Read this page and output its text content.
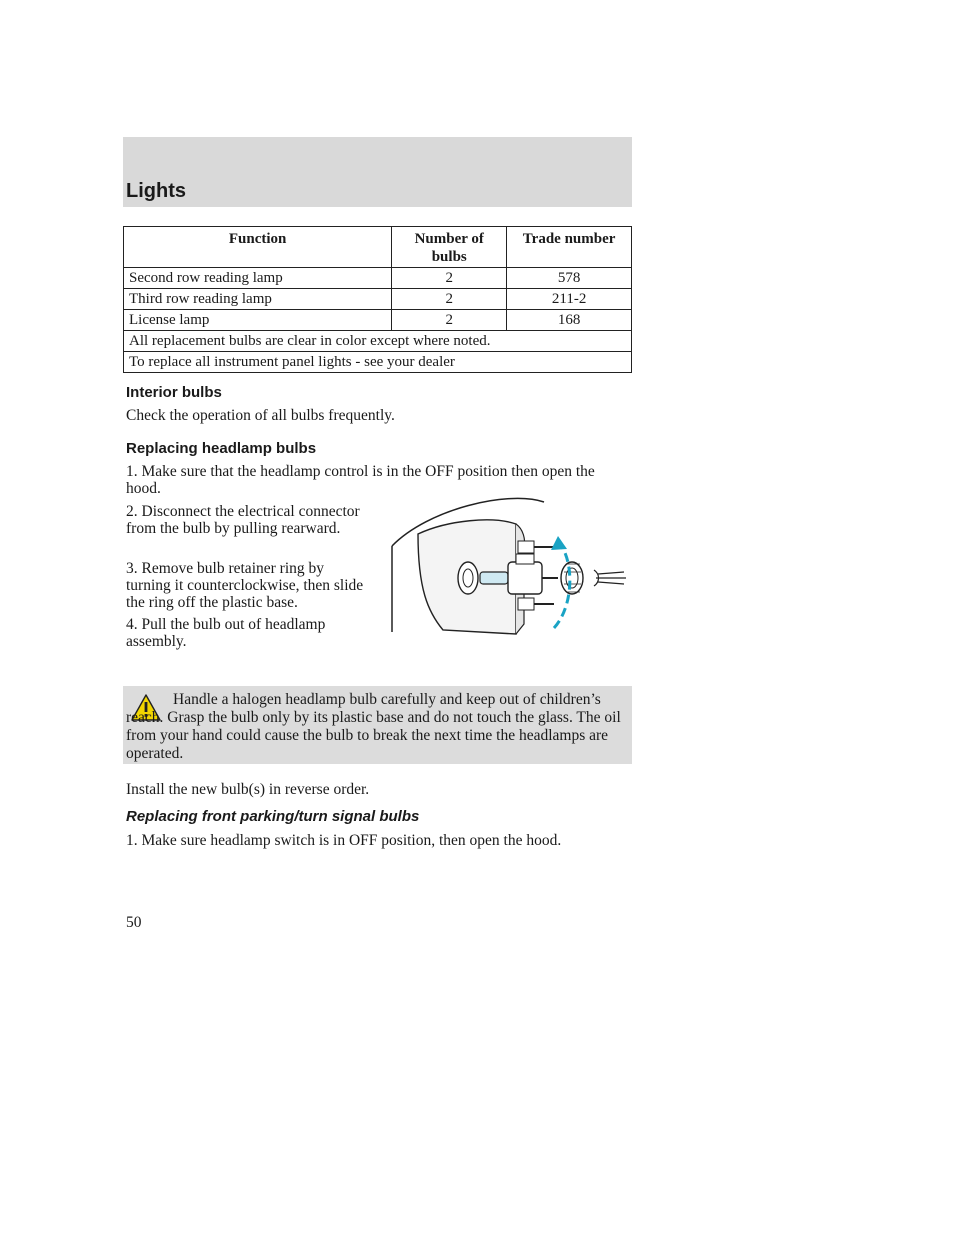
Lights
Function	Number of bulbs	Trade number
Second row reading lamp	2	578
Third row reading lamp	2	211-2
License lamp	2	168
All replacement bulbs are clear in color except where noted.		
To replace all instrument panel lights - see your dealer		
Interior bulbs

Check the operation of all bulbs frequently.

Replacing headlamp bulbs

1. Make sure that the headlamp control is in the OFF position then open the hood.

2. Disconnect the electrical connector from the bulb by pulling rearward.

3. Remove bulb retainer ring by turning it counterclockwise, then slide the ring off the plastic base.

4. Pull the bulb out of headlamp assembly.

Handle a halogen headlamp bulb carefully and keep out of children’s reach. Grasp the bulb only by its plastic base and do not touch the glass. The oil from your hand could cause the bulb to break the next time the headlamps are operated.

Install the new bulb(s) in reverse order.

Replacing front parking/turn signal bulbs

1. Make sure headlamp switch is in OFF position, then open the hood.

50
